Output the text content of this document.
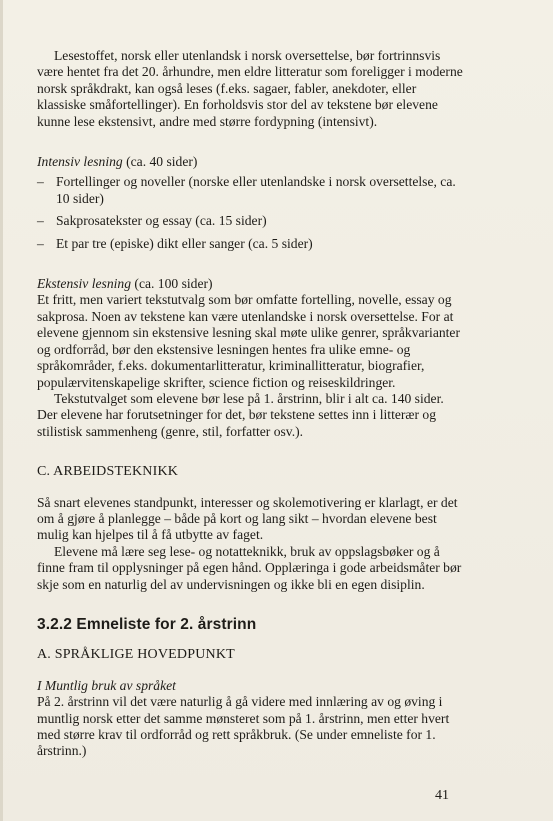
Lesestoffet, norsk eller utenlandsk i norsk oversettelse, bør fortrinnsvis være hentet fra det 20. århundre, men eldre litteratur som foreligger i moderne norsk språkdrakt, kan også leses (f.eks. sagaer, fabler, anekdoter, eller klassiske småfortellinger). En forholdsvis stor del av tekstene bør elevene kunne lese ekstensivt, andre med større fordypning (intensivt).

Intensiv lesning (ca. 40 sider)

– Fortellinger og noveller (norske eller utenlandske i norsk oversettelse, ca. 10 sider)
– Sakprosatekster og essay (ca. 15 sider)
– Et par tre (episke) dikt eller sanger (ca. 5 sider)

Ekstensiv lesning (ca. 100 sider)

Et fritt, men variert tekstutvalg som bør omfatte fortelling, novelle, essay og sakprosa. Noen av tekstene kan være utenlandske i norsk oversettelse. For at elevene gjennom sin ekstensive lesning skal møte ulike genrer, språkvarianter og ordforråd, bør den ekstensive lesningen hentes fra ulike emne- og språkområder, f.eks. dokumentarlitteratur, kriminallitteratur, biografier, populærvitenskapelige skrifter, science fiction og reiseskildringer.

Tekstutvalget som elevene bør lese på 1. årstrinn, blir i alt ca. 140 sider. Der elevene har forutsetninger for det, bør tekstene settes inn i litterær og stilistisk sammenheng (genre, stil, forfatter osv.).

C. ARBEIDSTEKNIKK

Så snart elevenes standpunkt, interesser og skolemotivering er klarlagt, er det om å gjøre å planlegge – både på kort og lang sikt – hvordan elevene best mulig kan hjelpes til å få utbytte av faget.

Elevene må lære seg lese- og notatteknikk, bruk av oppslagsbøker og å finne fram til opplysninger på egen hånd. Opplæringa i gode arbeidsmåter bør skje som en naturlig del av undervisningen og ikke bli en egen disiplin.

3.2.2 Emneliste for 2. årstrinn

A. SPRÅKLIGE HOVEDPUNKT

I Muntlig bruk av språket

På 2. årstrinn vil det være naturlig å gå videre med innlæring av og øving i muntlig norsk etter det samme mønsteret som på 1. årstrinn, men etter hvert med større krav til ordforråd og rett språkbruk. (Se under emneliste for 1. årstrinn.)

41
